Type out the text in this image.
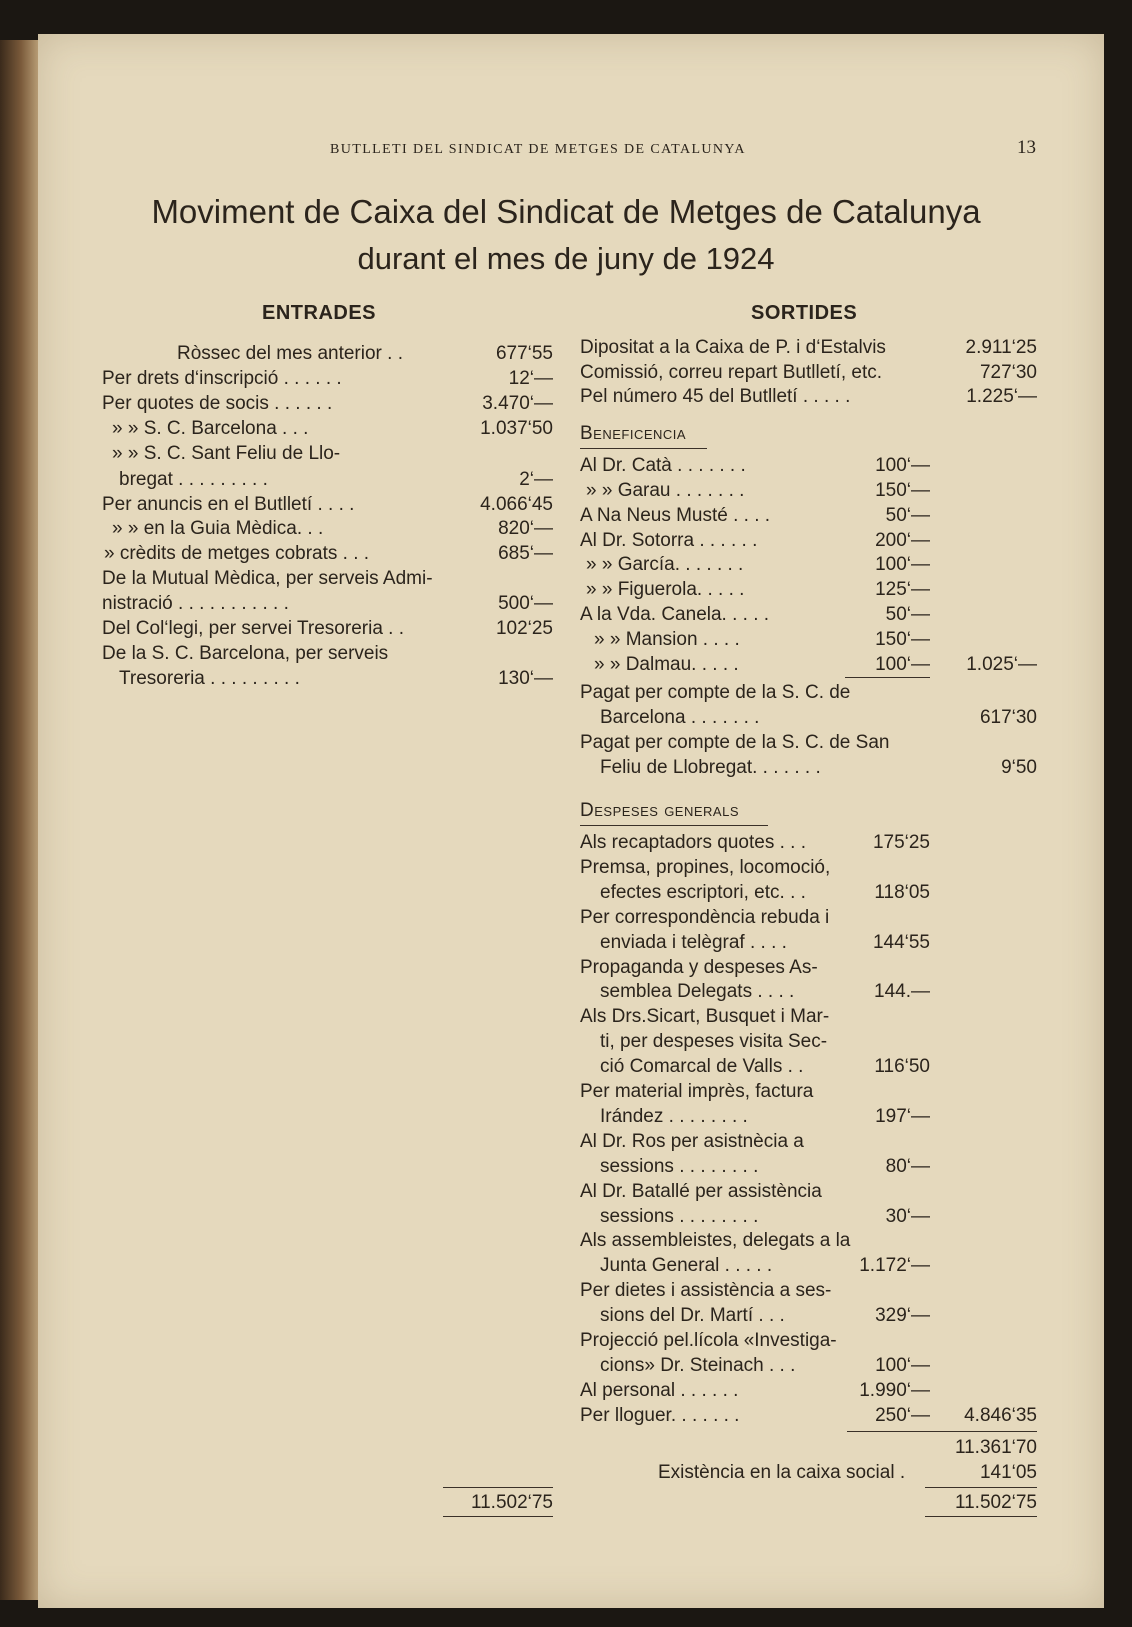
BUTLLETI DEL SINDICAT DE METGES DE CATALUNYA	13
Moviment de Caixa del Sindicat de Metges de Catalunya
durant el mes de juny de 1924
ENTRADES	SORTIDES
Ròssec del mes anterior . .	677‘55
Per drets d‘inscripció . . . . . .	12‘—
Per quotes de socis . . . . . .	3.470‘—
» » S. C. Barcelona . . .	1.037‘50
» » S. C. Sant Feliu de Llo-
bregat . . . . . . . . .	2‘—
Per anuncis en el Butlletí . . . .	4.066‘45
» » en la Guia Mèdica. . .	820‘—
» crèdits de metges cobrats . . .	685‘—
De la Mutual Mèdica, per serveis Admi-
nistració . . . . . . . . . . .	500‘—
Del Col‘legi, per servei Tresoreria . .	102‘25
De la S. C. Barcelona, per serveis
Tresoreria . . . . . . . . .	130‘—
11.502‘75
Dipositat a la Caixa de P. i d‘Estalvis	2.911‘25
Comissió, correu repart Butlletí, etc.	727‘30
Pel número 45 del Butlletí . . . . .	1.225‘—
Beneficencia
Al Dr. Catà . . . . . . .	100‘—
» » Garau . . . . . . .	150‘—
A Na Neus Musté . . . .	50‘—
Al Dr. Sotorra . . . . . .	200‘—
» » García. . . . . . .	100‘—
» » Figuerola. . . . .	125‘—
A la Vda. Canela. . . . .	50‘—
» » Mansion . . . .	150‘—
» » Dalmau. . . . .	100‘—	1.025‘—
Pagat per compte de la S. C. de
Barcelona . . . . . . .	617‘30
Pagat per compte de la S. C. de San
Feliu de Llobregat. . . . . . .	9‘50
Despeses generals
Als recaptadors quotes . . .	175‘25
Premsa, propines, locomoció,
efectes escriptori, etc. . .	118‘05
Per correspondència rebuda i
enviada i telègraf . . . .	144‘55
Propaganda y despeses As-
semblea Delegats . . . .	144.—
Als Drs.Sicart, Busquet i Mar-
ti, per despeses visita Sec-
ció Comarcal de Valls . .	116‘50
Per material imprès, factura
Irández . . . . . . . .	197‘—
Al Dr. Ros per asistnècia a
sessions . . . . . . . .	80‘—
Al Dr. Batallé per assistència
sessions . . . . . . . .	30‘—
Als assembleistes, delegats a la
Junta General . . . . .	1.172‘—
Per dietes i assistència a ses-
sions del Dr. Martí . . .	329‘—
Projecció pel.lícola «Investiga-
cions» Dr. Steinach . . .	100‘—
Al personal . . . . . .	1.990‘—
Per lloguer. . . . . . .	250‘—	4.846‘35
11.361‘70
Existència en la caixa social .	141‘05
11.502‘75
